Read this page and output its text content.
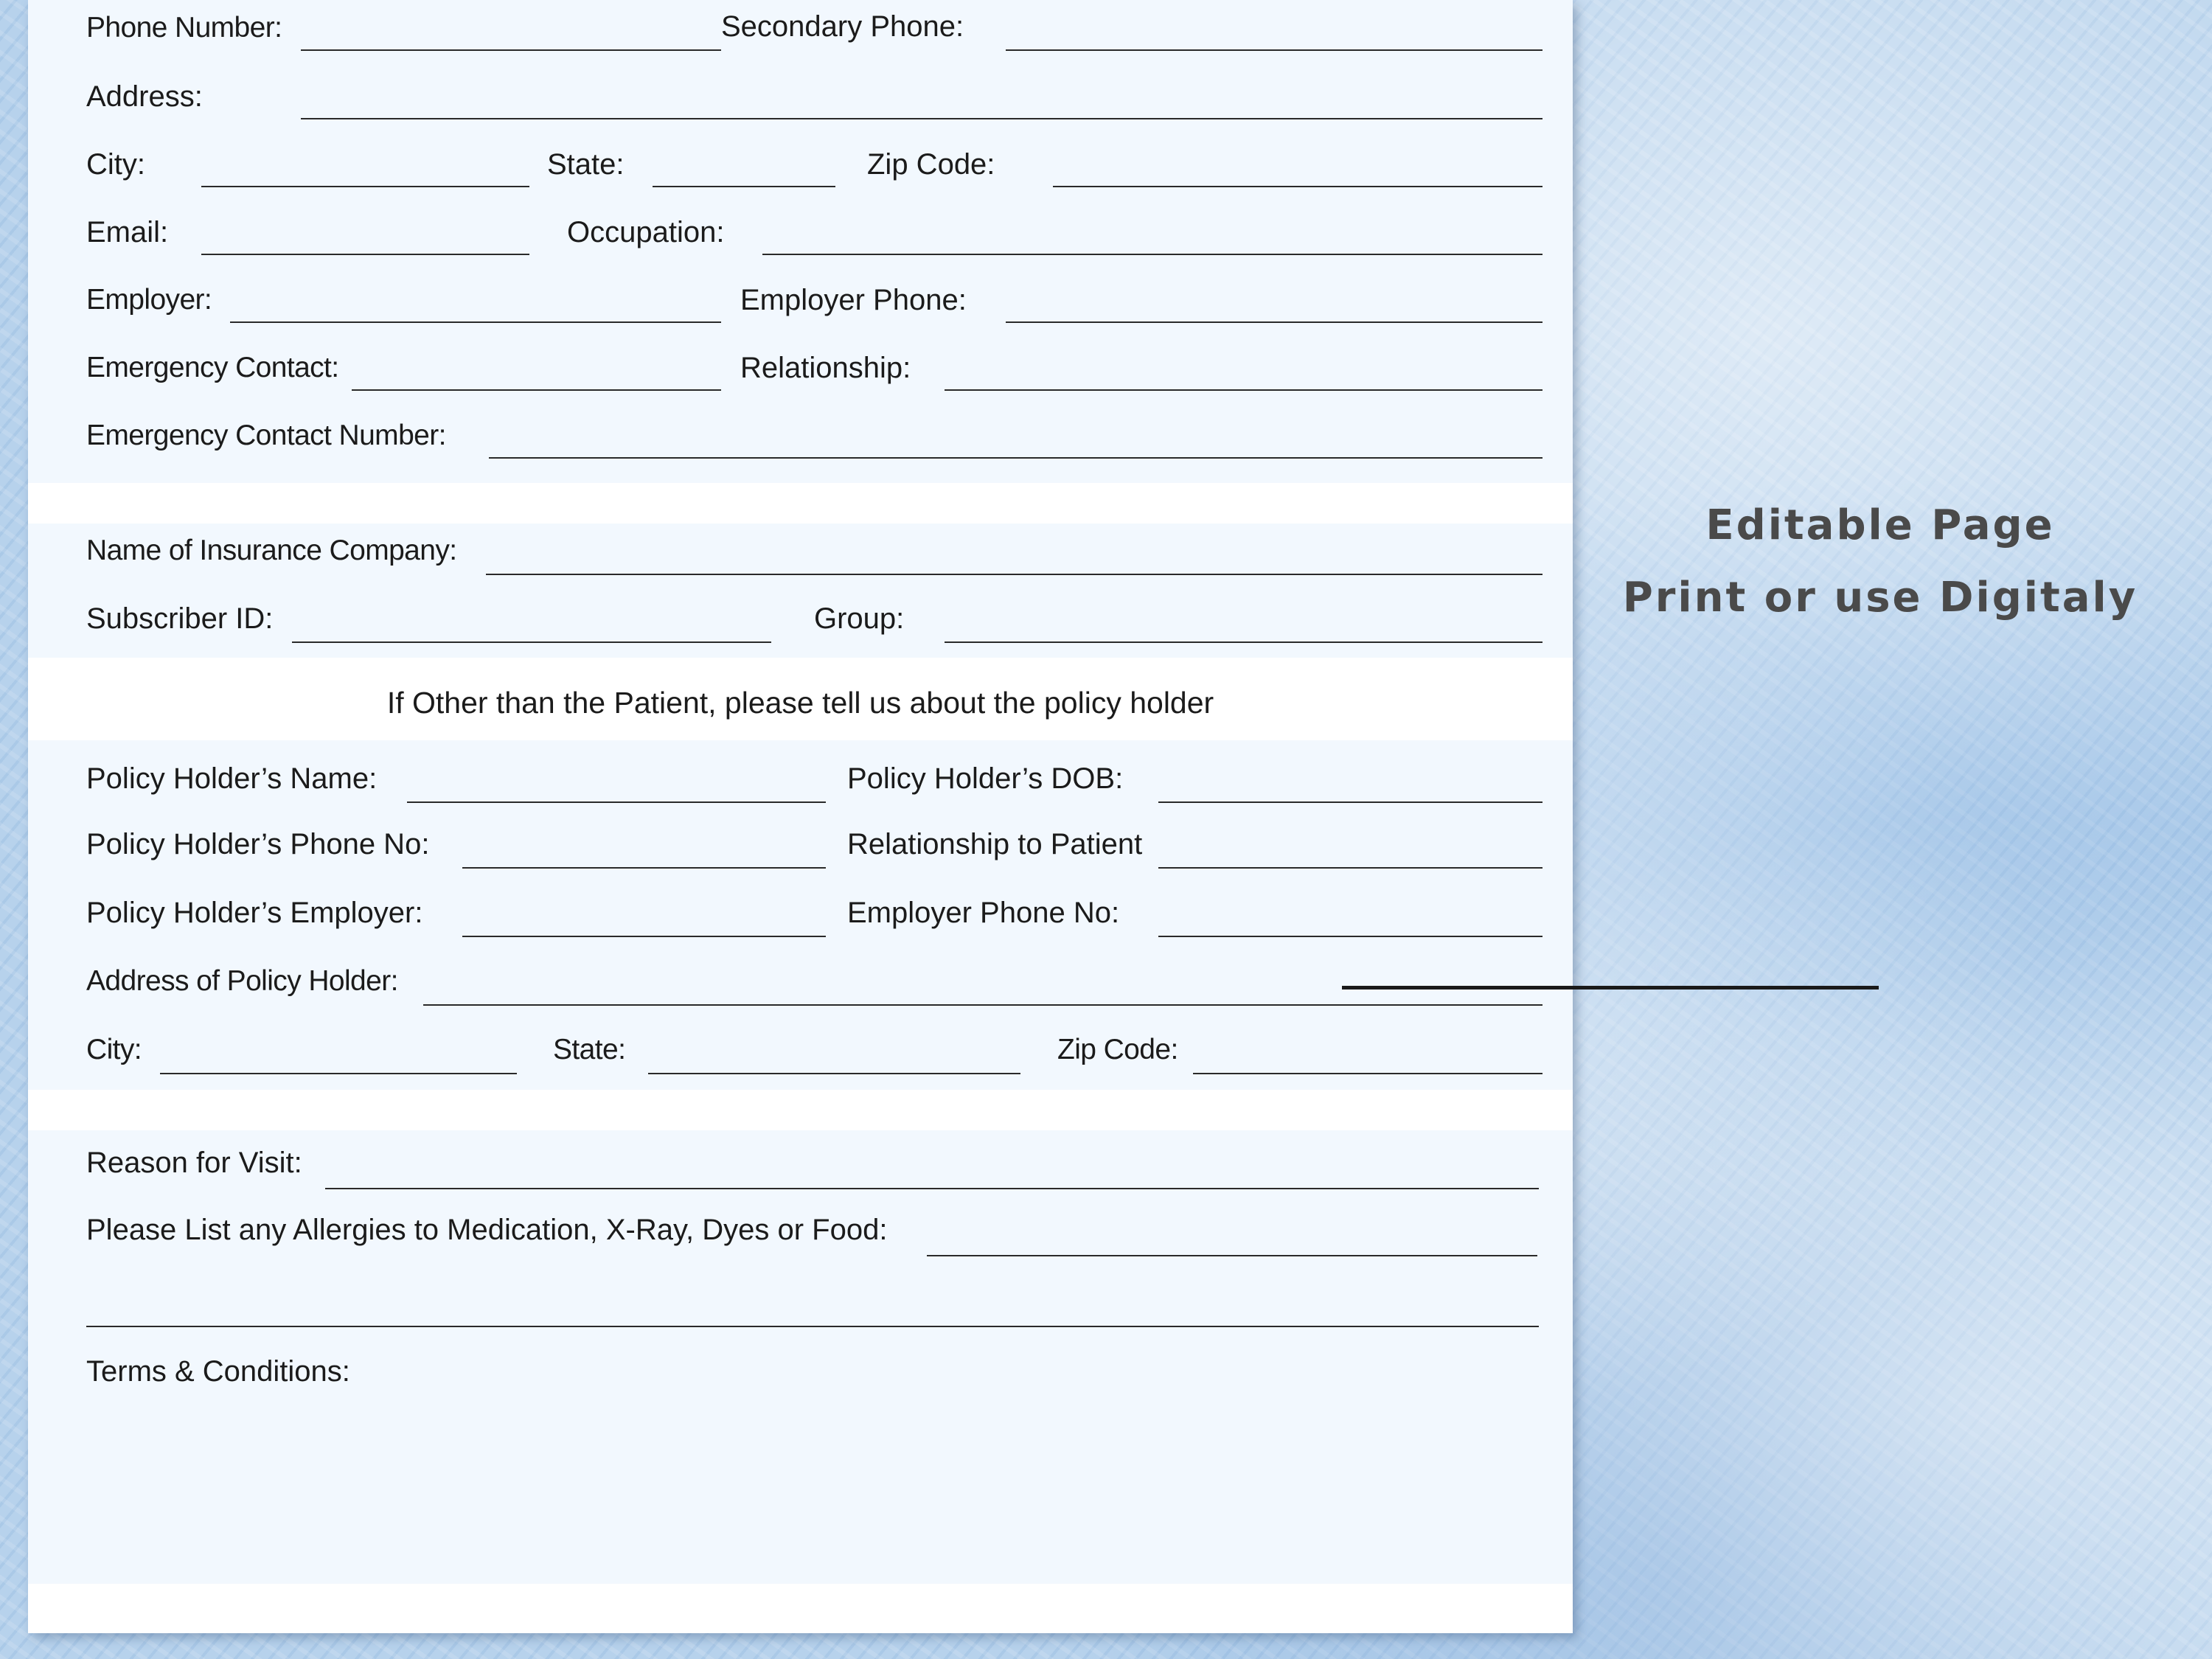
Phone Number:	Secondary Phone:
Address:
City:	State:	Zip Code:
Email:	Occupation:
Employer:	Employer Phone:
Emergency Contact:	Relationship:
Emergency Contact Number:
Name of Insurance Company:
Subscriber ID:	Group:
If Other than the Patient, please tell us about the policy holder
Policy Holder’s Name:	Policy Holder’s DOB:
Policy Holder’s Phone No:	Relationship to Patient
Policy Holder’s Employer:	Employer Phone No:
Address of Policy Holder:
City:	State:	Zip Code:
Reason for Visit:
Please List any Allergies to Medication, X-Ray, Dyes or Food:
Terms & Conditions:
Editable Page
Print or use Digitaly
